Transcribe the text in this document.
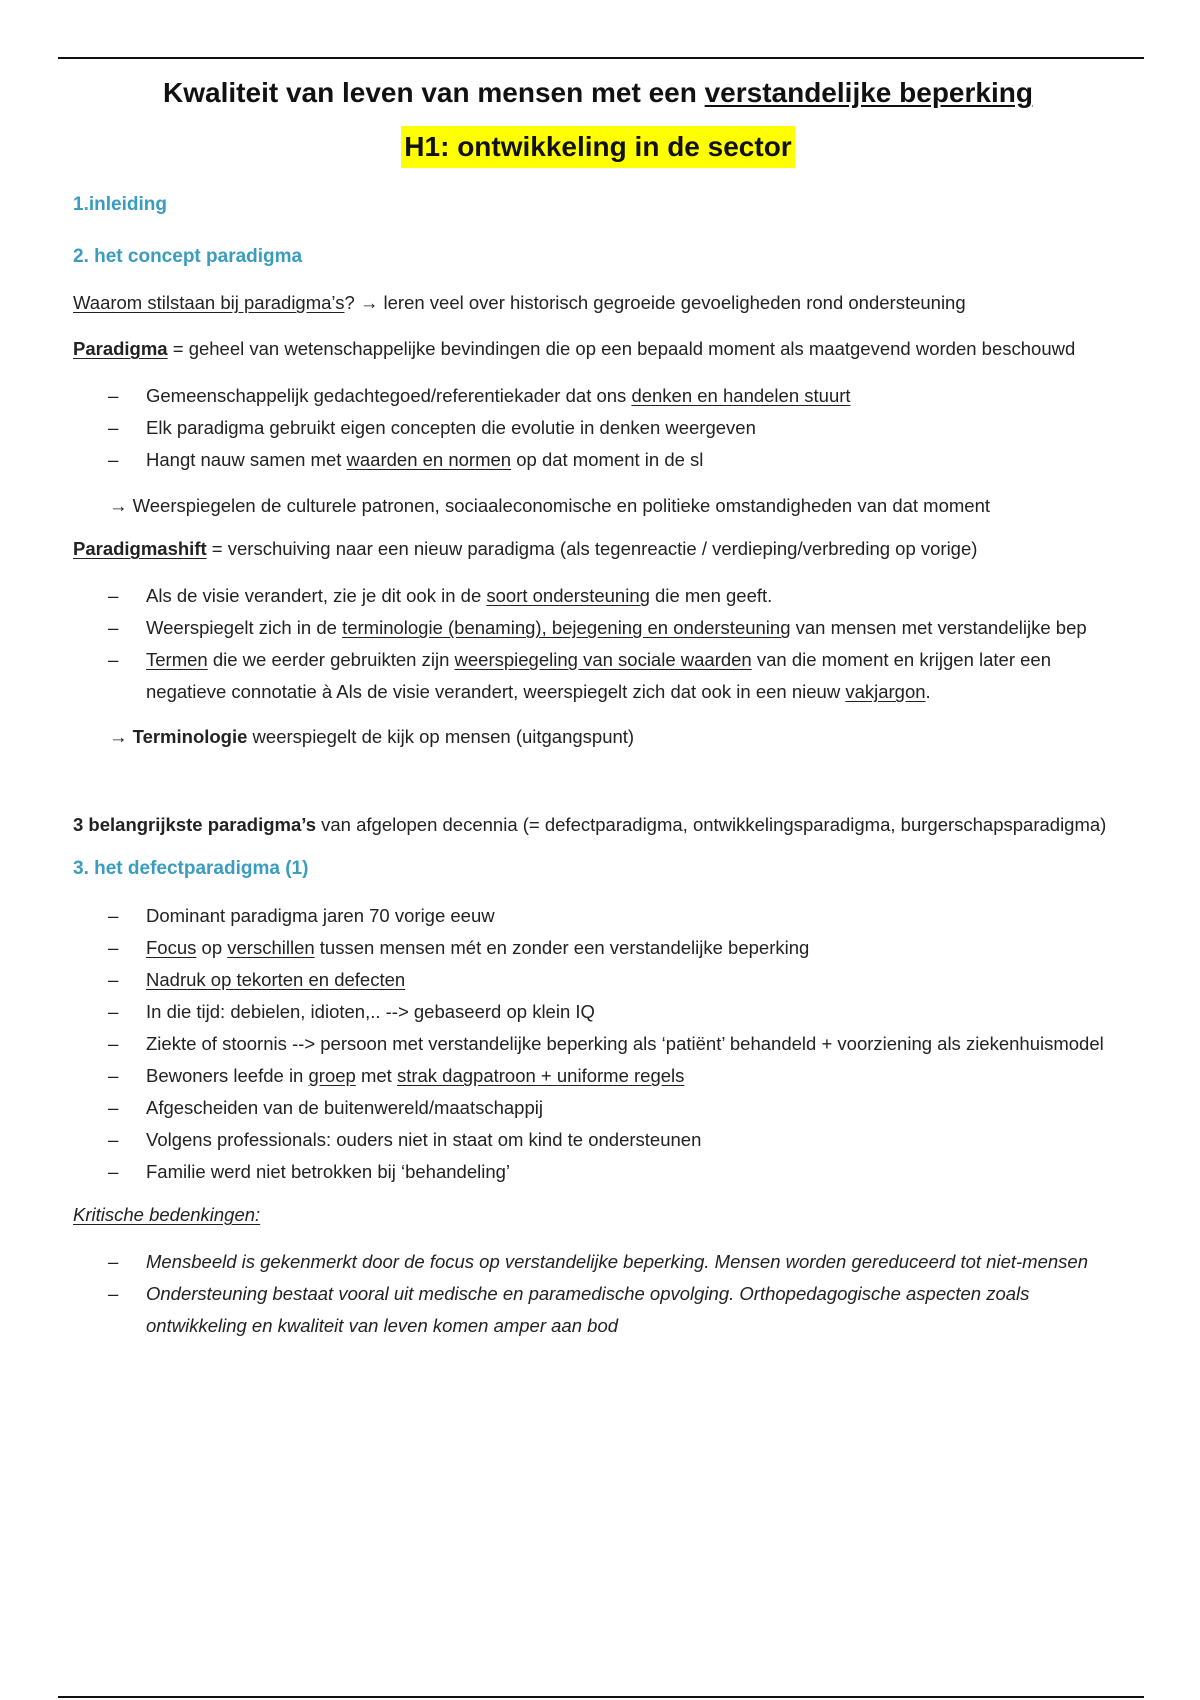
Kwaliteit van leven van mensen met een verstandelijke beperking
H1: ontwikkeling in de sector

1.inleiding

2. het concept paradigma

Waarom stilstaan bij paradigma’s? → leren veel over historisch gegroeide gevoeligheden rond ondersteuning

Paradigma = geheel van wetenschappelijke bevindingen die op een bepaald moment als maatgevend worden beschouwd

– Gemeenschappelijk gedachtegoed/referentiekader dat ons denken en handelen stuurt
– Elk paradigma gebruikt eigen concepten die evolutie in denken weergeven
– Hangt nauw samen met waarden en normen op dat moment in de sl

→ Weerspiegelen de culturele patronen, sociaaleconomische en politieke omstandigheden van dat moment

Paradigmashift = verschuiving naar een nieuw paradigma (als tegenreactie / verdieping/verbreding op vorige)

– Als de visie verandert, zie je dit ook in de soort ondersteuning die men geeft.
– Weerspiegelt zich in de terminologie (benaming), bejegening en ondersteuning van mensen met verstandelijke bep
– Termen die we eerder gebruikten zijn weerspiegeling van sociale waarden van die moment en krijgen later een negatieve connotatie à Als de visie verandert, weerspiegelt zich dat ook in een nieuw vakjargon.

→ Terminologie weerspiegelt de kijk op mensen (uitgangspunt)

3 belangrijkste paradigma’s van afgelopen decennia (= defectparadigma, ontwikkelingsparadigma, burgerschapsparadigma)

3. het defectparadigma (1)

– Dominant paradigma jaren 70 vorige eeuw
– Focus op verschillen tussen mensen mét en zonder een verstandelijke beperking
– Nadruk op tekorten en defecten
– In die tijd: debielen, idioten,.. --> gebaseerd op klein IQ
– Ziekte of stoornis --> persoon met verstandelijke beperking als ‘patiënt’ behandeld + voorziening als ziekenhuismodel
– Bewoners leefde in groep met strak dagpatroon + uniforme regels
– Afgescheiden van de buitenwereld/maatschappij
– Volgens professionals: ouders niet in staat om kind te ondersteunen
– Familie werd niet betrokken bij ‘behandeling’

Kritische bedenkingen:

– Mensbeeld is gekenmerkt door de focus op verstandelijke beperking. Mensen worden gereduceerd tot niet-mensen
– Ondersteuning bestaat vooral uit medische en paramedische opvolging. Orthopedagogische aspecten zoals ontwikkeling en kwaliteit van leven komen amper aan bod
